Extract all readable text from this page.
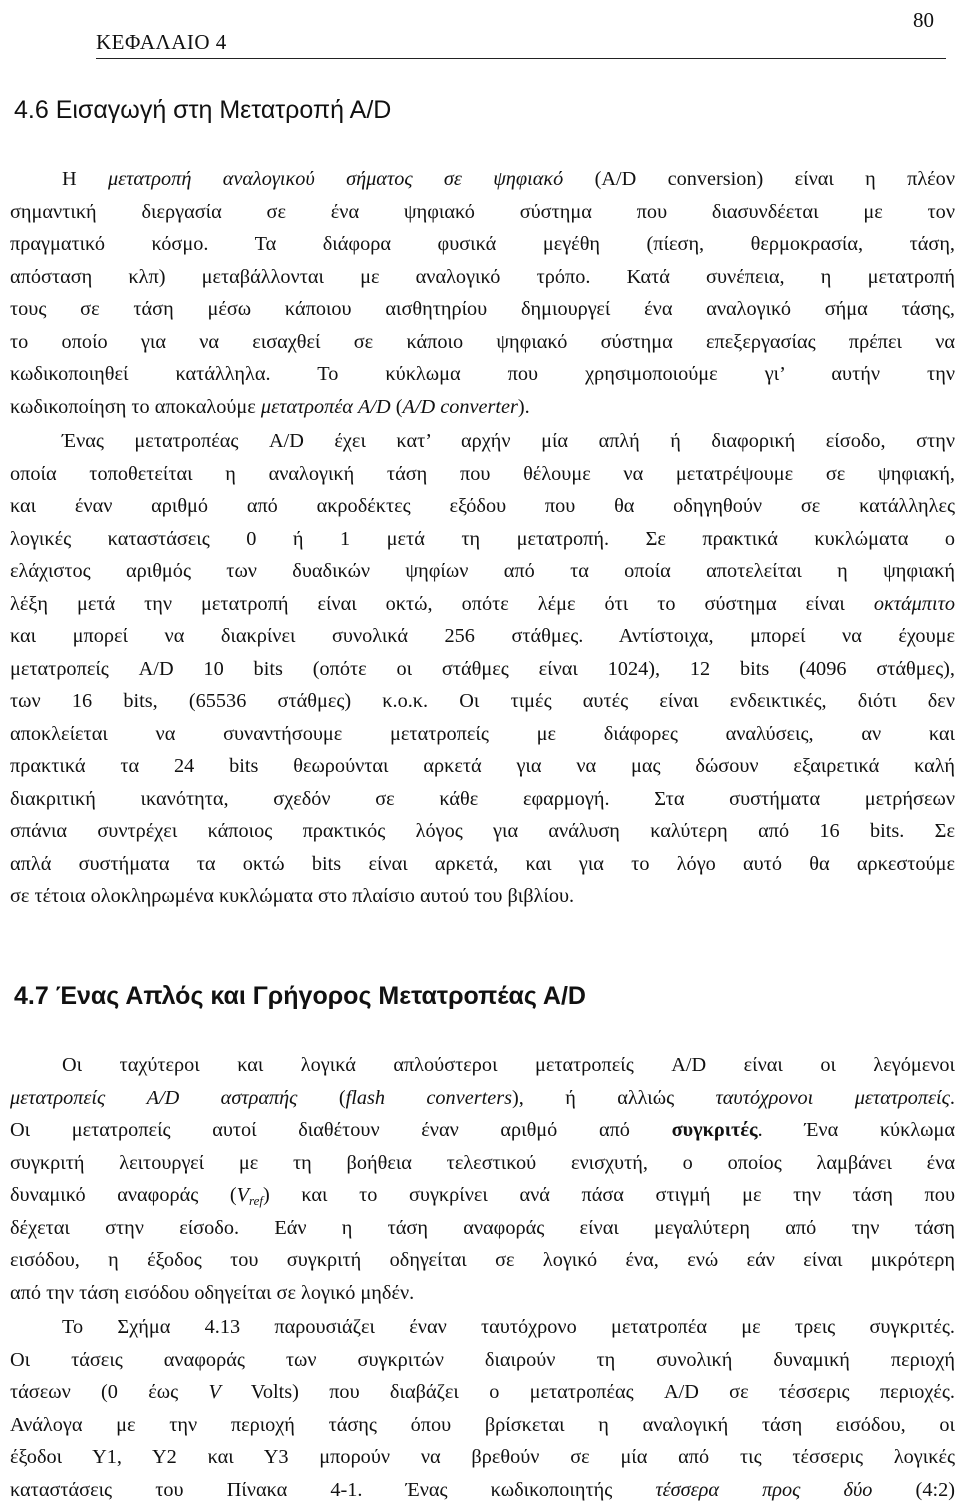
ΚΕΦΑΛΑΙΟ 4
80
4.6 Εισαγωγή στη Μετατροπή Α/D
Η μετατροπή αναλογικού σήματος σε ψηφιακό (A/D conversion) είναι η πλέον
σημαντική διεργασία σε ένα ψηφιακό σύστημα που διασυνδέεται με τον
πραγματικό κόσμο. Τα διάφορα φυσικά μεγέθη (πίεση, θερμοκρασία, τάση,
απόσταση κλπ) μεταβάλλονται με αναλογικό τρόπο. Κατά συνέπεια, η μετατροπή
τους σε τάση μέσω κάποιου αισθητηρίου δημιουργεί ένα αναλογικό σήμα τάσης,
το οποίο για να εισαχθεί σε κάποιο ψηφιακό σύστημα επεξεργασίας πρέπει να
κωδικοποιηθεί κατάλληλα. Το κύκλωμα που χρησιμοποιούμε γι’ αυτήν την
κωδικοποίηση το αποκαλούμε μετατροπέα A/D (A/D converter).
Ένας μετατροπέας A/D έχει κατ’ αρχήν μία απλή ή διαφορική είσοδο, στην
οποία τοποθετείται η αναλογική τάση που θέλουμε να μετατρέψουμε σε ψηφιακή,
και έναν αριθμό από ακροδέκτες εξόδου που θα οδηγηθούν σε κατάλληλες
λογικές καταστάσεις 0 ή 1 μετά τη μετατροπή. Σε πρακτικά κυκλώματα ο
ελάχιστος αριθμός των δυαδικών ψηφίων από τα οποία αποτελείται η ψηφιακή
λέξη μετά την μετατροπή είναι οκτώ, οπότε λέμε ότι το σύστημα είναι οκτάμπιτο
και μπορεί να διακρίνει συνολικά 256 στάθμες. Αντίστοιχα, μπορεί να έχουμε
μετατροπείς A/D 10 bits (οπότε οι στάθμες είναι 1024), 12 bits (4096 στάθμες),
των 16 bits, (65536 στάθμες) κ.ο.κ. Οι τιμές αυτές είναι ενδεικτικές, διότι δεν
αποκλείεται να συναντήσουμε μετατροπείς με διάφορες αναλύσεις, αν και
πρακτικά τα 24 bits θεωρούνται αρκετά για να μας δώσουν εξαιρετικά καλή
διακριτική ικανότητα, σχεδόν σε κάθε εφαρμογή. Στα συστήματα μετρήσεων
σπάνια συντρέχει κάποιος πρακτικός λόγος για ανάλυση καλύτερη από 16 bits. Σε
απλά συστήματα τα οκτώ bits είναι αρκετά, και για το λόγο αυτό θα αρκεστούμε
σε τέτοια ολοκληρωμένα κυκλώματα στο πλαίσιο αυτού του βιβλίου.
4.7 Ένας Απλός και Γρήγορος Μετατροπέας Α/D
Οι ταχύτεροι και λογικά απλούστεροι μετατροπείς A/D είναι οι λεγόμενοι
μετατροπείς A/D αστραπής (flash converters), ή αλλιώς ταυτόχρονοι μετατροπείς.
Οι μετατροπείς αυτοί διαθέτουν έναν αριθμό από συγκριτές. Ένα κύκλωμα
συγκριτή λειτουργεί με τη βοήθεια τελεστικού ενισχυτή, ο οποίος λαμβάνει ένα
δυναμικό αναφοράς $(V_{ref})$ και το συγκρίνει ανά πάσα στιγμή με την τάση που
δέχεται στην είσοδο. Εάν η τάση αναφοράς είναι μεγαλύτερη από την τάση
εισόδου, η έξοδος του συγκριτή οδηγείται σε λογικό ένα, ενώ εάν είναι μικρότερη
από την τάση εισόδου οδηγείται σε λογικό μηδέν.
Το Σχήμα 4.13 παρουσιάζει έναν ταυτόχρονο μετατροπέα με τρεις συγκριτές.
Οι τάσεις αναφοράς των συγκριτών διαιρούν τη συνολική δυναμική περιοχή
τάσεων (0 έως V Volts) που διαβάζει ο μετατροπέας A/D σε τέσσερις περιοχές.
Ανάλογα με την περιοχή τάσης όπου βρίσκεται η αναλογική τάση εισόδου, οι
έξοδοι Υ1, Υ2 και Υ3 μπορούν να βρεθούν σε μία από τις τέσσερις λογικές
καταστάσεις του Πίνακα 4-1. Ένας κωδικοποιητής τέσσερα προς δύο (4:2)
